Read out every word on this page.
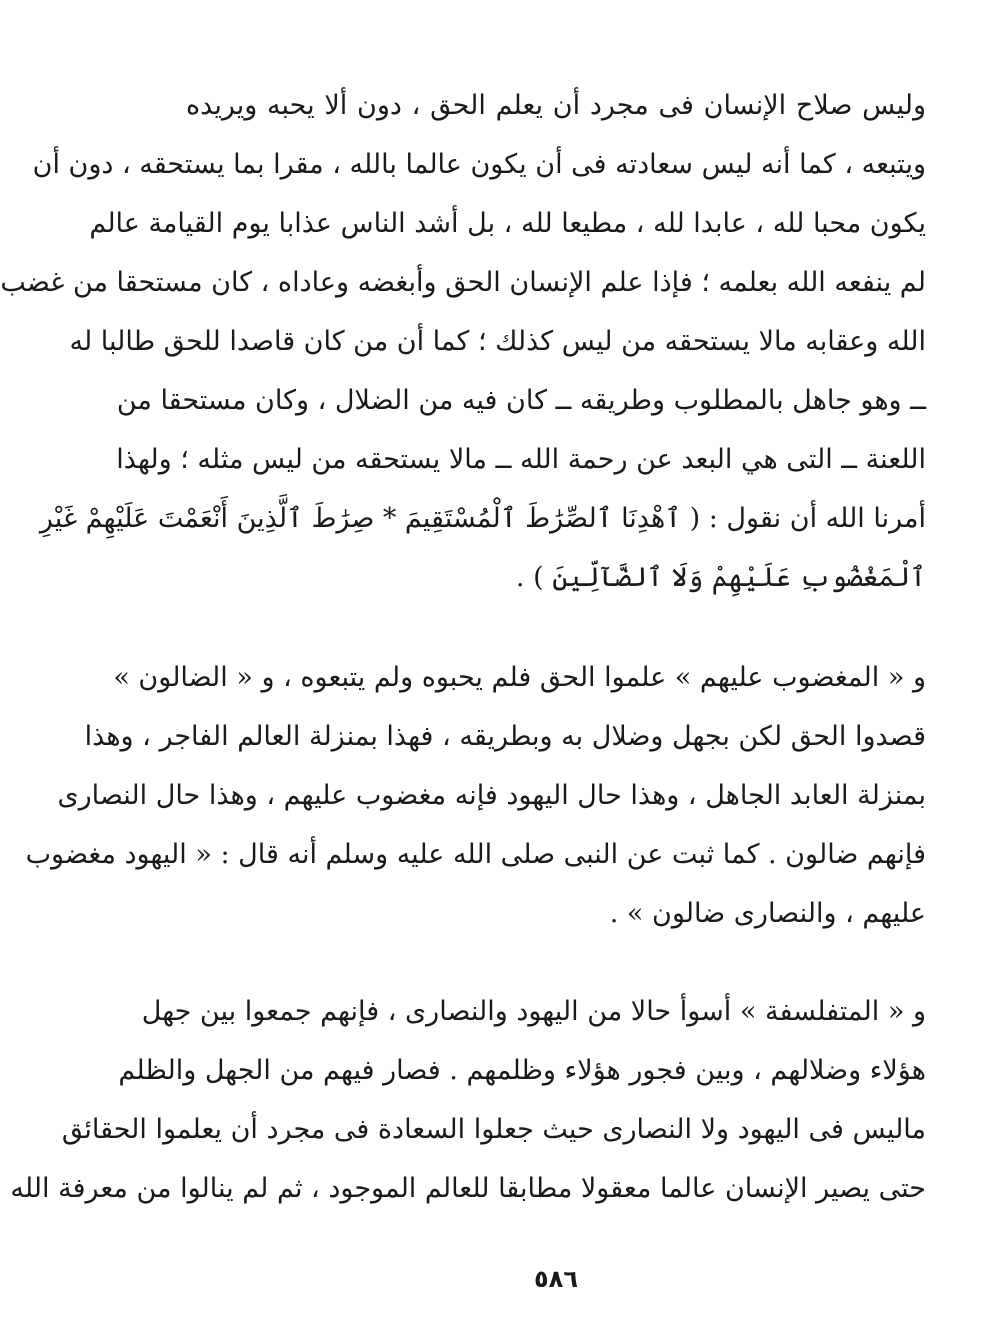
وليس صلاح الإنسان فى مجرد أن يعلم الحق ، دون ألا يحبه ويريده
ويتبعه ، كما أنه ليس سعادته فى أن يكون عالما بالله ، مقرا بما يستحقه ، دون أن
يكون محبا لله ، عابدا لله ، مطيعا لله ، بل أشد الناس عذابا يوم القيامة عالم
لم ينفعه الله بعلمه ؛ فإذا علم الإنسان الحق وأبغضه وعاداه ، كان مستحقا من غضب
الله وعقابه مالا يستحقه من ليس كذلك ؛ كما أن من كان قاصدا للحق طالبا له
ــ وهو جاهل بالمطلوب وطريقه ــ كان فيه من الضلال ، وكان مستحقا من
اللعنة ــ التى هي البعد عن رحمة الله ــ مالا يستحقه من ليس مثله ؛ ولهذا
أمرنا الله أن نقول : ( ٱهْدِنَا ٱلصِّرَٰطَ ٱلْمُسْتَقِيمَ * صِرَٰطَ ٱلَّذِينَ أَنْعَمْتَ عَلَيْهِمْ غَيْرِ
ٱلْمَغْضُوبِ عَلَيْهِمْ وَلَا ٱلضَّآلِّينَ ) .
و « المغضوب عليهم » علموا الحق فلم يحبوه ولم يتبعوه ، و « الضالون »
قصدوا الحق لكن بجهل وضلال به وبطريقه ، فهذا بمنزلة العالم الفاجر ، وهذا
بمنزلة العابد الجاهل ، وهذا حال اليهود فإنه مغضوب عليهم ، وهذا حال النصارى
فإنهم ضالون . كما ثبت عن النبى صلى الله عليه وسلم أنه قال : « اليهود مغضوب
عليهم ، والنصارى ضالون » .
و « المتفلسفة » أسوأ حالا من اليهود والنصارى ، فإنهم جمعوا بين جهل
هؤلاء وضلالهم ، وبين فجور هؤلاء وظلمهم . فصار فيهم من الجهل والظلم
ماليس فى اليهود ولا النصارى حيث جعلوا السعادة فى مجرد أن يعلموا الحقائق
حتى يصير الإنسان عالما معقولا مطابقا للعالم الموجود ، ثم لم ينالوا من معرفة الله
٥٨٦
